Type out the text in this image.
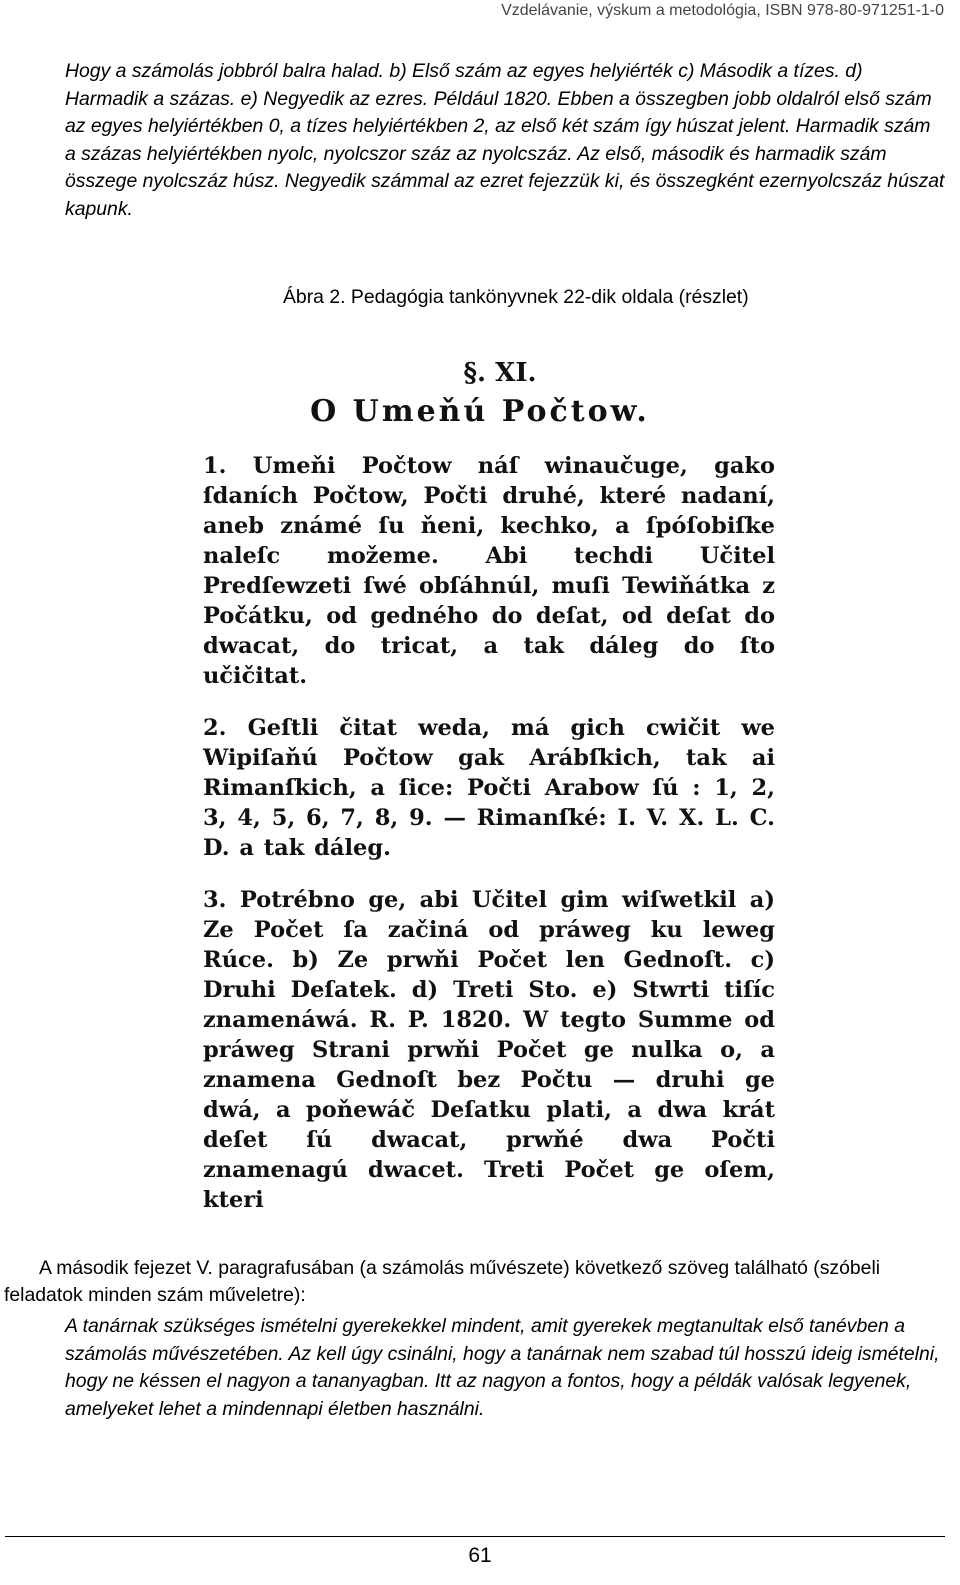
Vzdelávanie, výskum a metodológia, ISBN 978-80-971251-1-0
Hogy a számolás jobbról balra halad. b) Első szám az egyes helyiérték c) Második a tízes. d) Harmadik a százas. e) Negyedik az ezres. Például 1820. Ebben a összegben jobb oldalról első szám az egyes helyiértékben 0, a tízes helyiértékben 2, az első két szám így húszat jelent. Harmadik szám a százas helyiértékben nyolc, nyolcszor száz az nyolcszáz. Az első, második és harmadik szám összege nyolcszáz húsz. Negyedik számmal az ezret fejezzük ki, és összegként ezernyolcszáz húszat kapunk.
Ábra 2. Pedagógia tankönyvnek 22-dik oldala (részlet)
§. XI.
O Umeňú Počtow.

1. Umeňi Počtow náſ winaučuge, gako ſdaních Počtow, Počti druhé, které nadaní, aneb známé ſu ňeni, kechko, a ſpóſobiſke naleſc možeme. Abi techdi Učitel Predſewzeti ſwé obſáhnúl, muſi Tewiňátka z Počátku, od gedného do deſat, od deſat do dwacat, do tricat, a tak dáleg do ſto učičitat.

2. Geſtli čitat weda, má gich cwičit we Wipiſaňú Počtow gak Arábſkich, tak ai Rimanſkich, a ſice: Počti Arabow ſú : 1, 2, 3, 4, 5, 6, 7, 8, 9. — Rimanſké: I. V. X. L. C. D. a tak dáleg.

3. Potrébno ge, abi Učitel gim wiſwetkil a) Ze Počet ſa začiná od práweg ku leweg Rúce. b) Ze prwňi Počet len Gednoſt. c) Druhi Deſatek. d) Treti Sto. e) Stwrti tiſíc znamenáwá. R. P. 1820. W tegto Summe od práweg Strani prwňi Počet ge nulka o, a znamena Gednoſt bez Počtu — druhi ge dwá, a poňewáč Deſatku plati, a dwa krát deſet ſú dwacat, prwňé dwa Počti znamenagú dwacet. Treti Počet ge oſem, kteri

A második fejezet V. paragrafusában (a számolás művészete) következő szöveg található (szóbeli feladatok minden szám műveletre):
A tanárnak szükséges ismételni gyerekekkel mindent, amit gyerekek megtanultak első tanévben a számolás művészetében. Az kell úgy csinálni, hogy a tanárnak nem szabad túl hosszú ideig ismételni, hogy ne késsen el nagyon a tananyagban. Itt az nagyon a fontos, hogy a példák valósak legyenek, amelyeket lehet a mindennapi életben használni.
61
